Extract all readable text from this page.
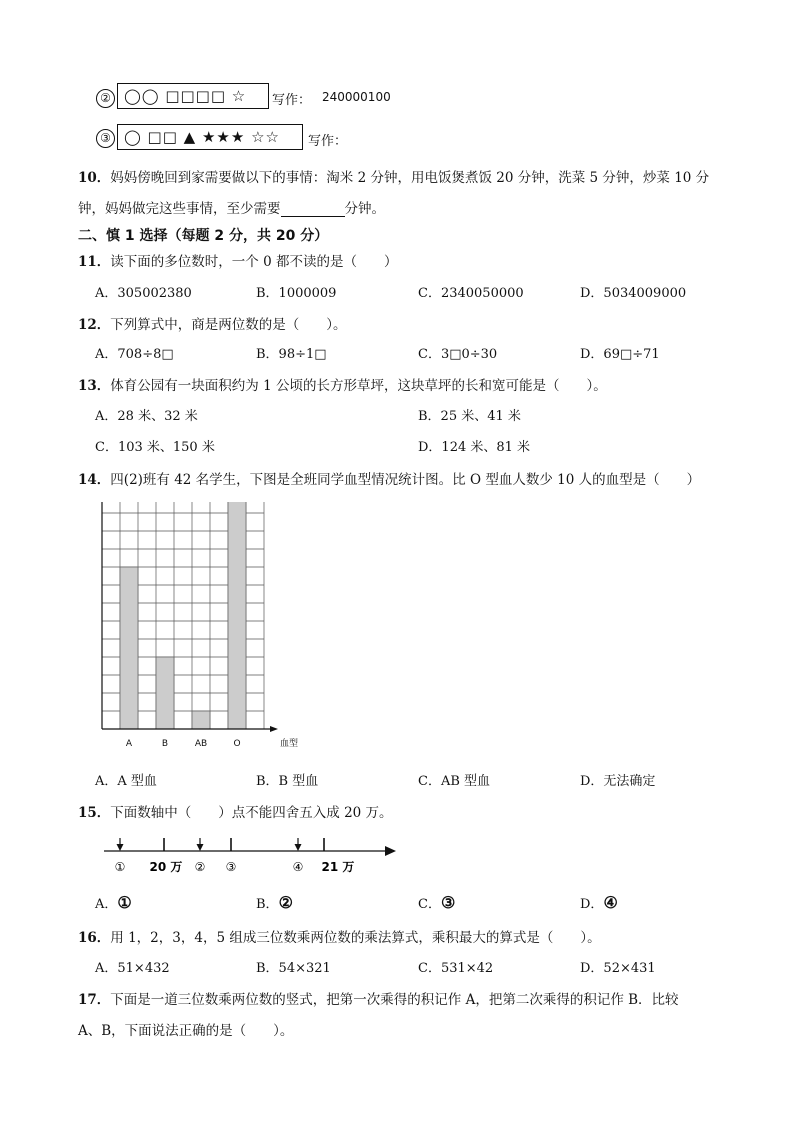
② ◯◯ □□□□ ☆	写作： 240000100
③ ◯ □□ ▲ ★★★ ☆☆	写作：
10．妈妈傍晚回到家需要做以下的事情：淘米 2 分钟，用电饭煲煮饭 20 分钟，洗菜 5 分钟，炒菜 10 分
钟，妈妈做完这些事情，至少需要	分钟。
二、慎 1 选择（每题 2 分，共 20 分）
11．读下面的多位数时，一个 0 都不读的是（　　）
A．305002380	B．1000009	C．2340050000	D．5034009000
12．下列算式中，商是两位数的是（　　）。
A．708÷8□	B．98÷1□	C．3□0÷30	D．69□÷71
13．体育公园有一块面积约为 1 公顷的长方形草坪，这块草坪的长和宽可能是（　　）。
A．28 米、32 米	B．25 米、41 米
C．103 米、150 米	D．124 米、81 米
14．四(2)班有 42 名学生，下图是全班同学血型情况统计图。比 O 型血人数少 10 人的血型是（　　）
A	B	AB	O	血型
A．A 型血	B．B 型血	C．AB 型血	D．无法确定
15．下面数轴中（　　）点不能四舍五入成 20 万。
① 20 万 ② ③	④ 21 万
A．①	B．②	C．③	D．④
16．用 1，2，3，4，5 组成三位数乘两位数的乘法算式，乘积最大的算式是（　　）。
A．51×432	B．54×321	C．531×42	D．52×431
17．下面是一道三位数乘两位数的竖式，把第一次乘得的积记作 A，把第二次乘得的积记作 B．比较
A、B，下面说法正确的是（　　）。
